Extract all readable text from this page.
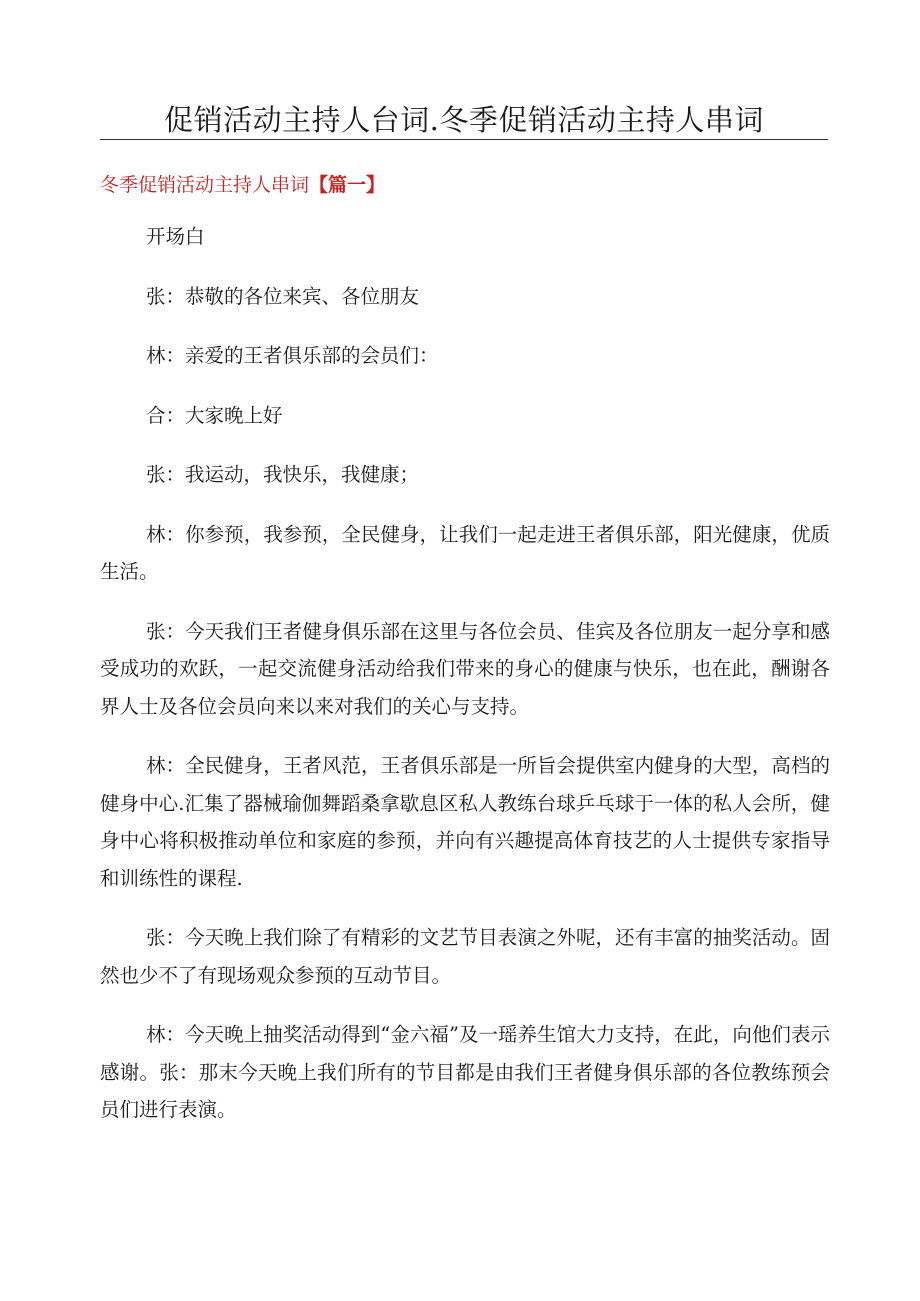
促销活动主持人台词.冬季促销活动主持人串词
冬季促销活动主持人串词【篇一】

开场白

张：恭敬的各位来宾、各位朋友

林：亲爱的王者俱乐部的会员们：

合：大家晚上好

张：我运动，我快乐，我健康；

林：你参预，我参预，全民健身，让我们一起走进王者俱乐部，阳光健康，优质生活。

张：今天我们王者健身俱乐部在这里与各位会员、佳宾及各位朋友一起分享和感受成功的欢跃，一起交流健身活动给我们带来的身心的健康与快乐，也在此，酬谢各界人士及各位会员向来以来对我们的关心与支持。

林：全民健身，王者风范，王者俱乐部是一所旨会提供室内健身的大型，高档的健身中心.汇集了器械瑜伽舞蹈桑拿歇息区私人教练台球乒乓球于一体的私人会所，健身中心将积极推动单位和家庭的参预，并向有兴趣提高体育技艺的人士提供专家指导和训练性的课程.

张：今天晚上我们除了有精彩的文艺节目表演之外呢，还有丰富的抽奖活动。固然也少不了有现场观众参预的互动节目。

林：今天晚上抽奖活动得到“金六福”及一瑶养生馆大力支持，在此，向他们表示感谢。张：那末今天晚上我们所有的节目都是由我们王者健身俱乐部的各位教练预会员们进行表演。
